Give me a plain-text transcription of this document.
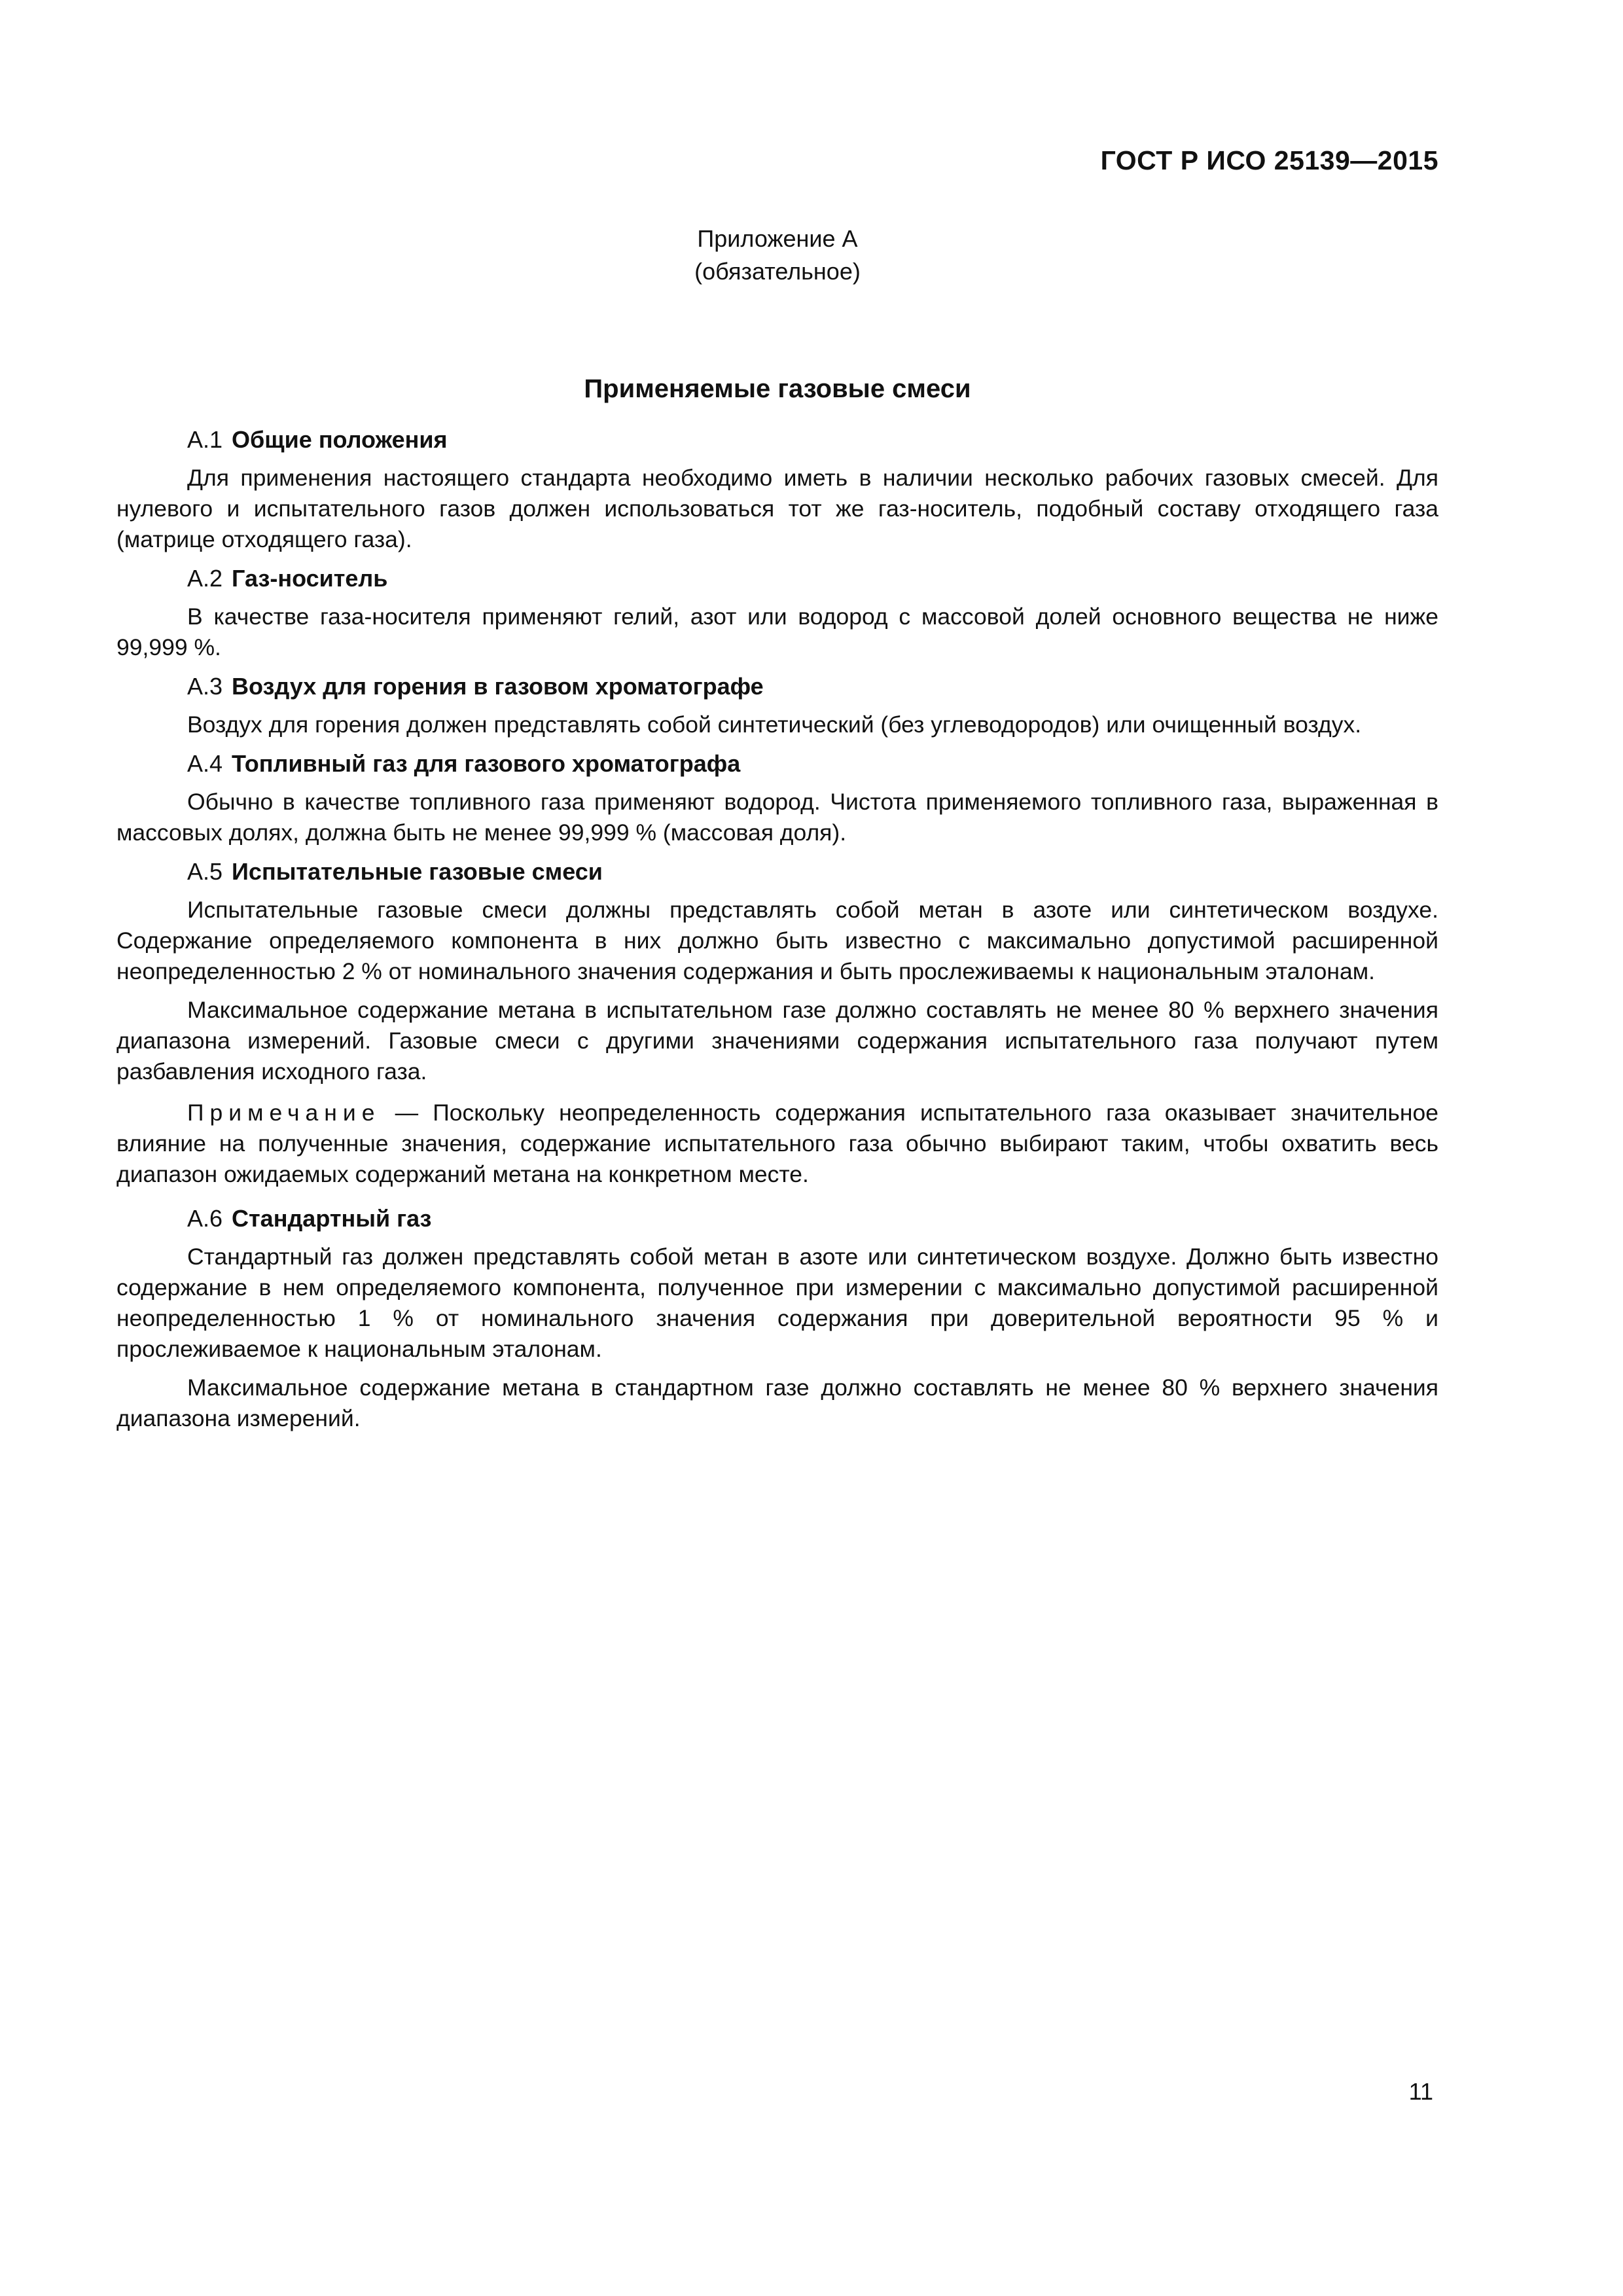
ГОСТ Р ИСО 25139—2015
Приложение А
(обязательное)
Применяемые газовые смеси
А.1 Общие положения

Для применения настоящего стандарта необходимо иметь в наличии несколько рабочих газовых смесей. Для нулевого и испытательного газов должен использоваться тот же газ-носитель, подобный составу отходящего газа (матрице отходящего газа).

А.2 Газ-носитель

В качестве газа-носителя применяют гелий, азот или водород с массовой долей основного вещества не ниже 99,999 %.

А.3 Воздух для горения в газовом хроматографе

Воздух для горения должен представлять собой синтетический (без углеводородов) или очищенный воздух.

А.4 Топливный газ для газового хроматографа

Обычно в качестве топливного газа применяют водород. Чистота применяемого топливного газа, выраженная в массовых долях, должна быть не менее 99,999 % (массовая доля).

А.5 Испытательные газовые смеси

Испытательные газовые смеси должны представлять собой метан в азоте или синтетическом воздухе. Содержание определяемого компонента в них должно быть известно с максимально допустимой расширенной неопределенностью 2 % от номинального значения содержания и быть прослеживаемы к национальным эталонам.

Максимальное содержание метана в испытательном газе должно составлять не менее 80 % верхнего значения диапазона измерений. Газовые смеси с другими значениями содержания испытательного газа получают путем разбавления исходного газа.

Примечание — Поскольку неопределенность содержания испытательного газа оказывает значительное влияние на полученные значения, содержание испытательного газа обычно выбирают таким, чтобы охватить весь диапазон ожидаемых содержаний метана на конкретном месте.

А.6 Стандартный газ

Стандартный газ должен представлять собой метан в азоте или синтетическом воздухе. Должно быть известно содержание в нем определяемого компонента, полученное при измерении с максимально допустимой расширенной неопределенностью 1 % от номинального значения содержания при доверительной вероятности 95 % и прослеживаемое к национальным эталонам.

Максимальное содержание метана в стандартном газе должно составлять не менее 80 % верхнего значения диапазона измерений.

11
